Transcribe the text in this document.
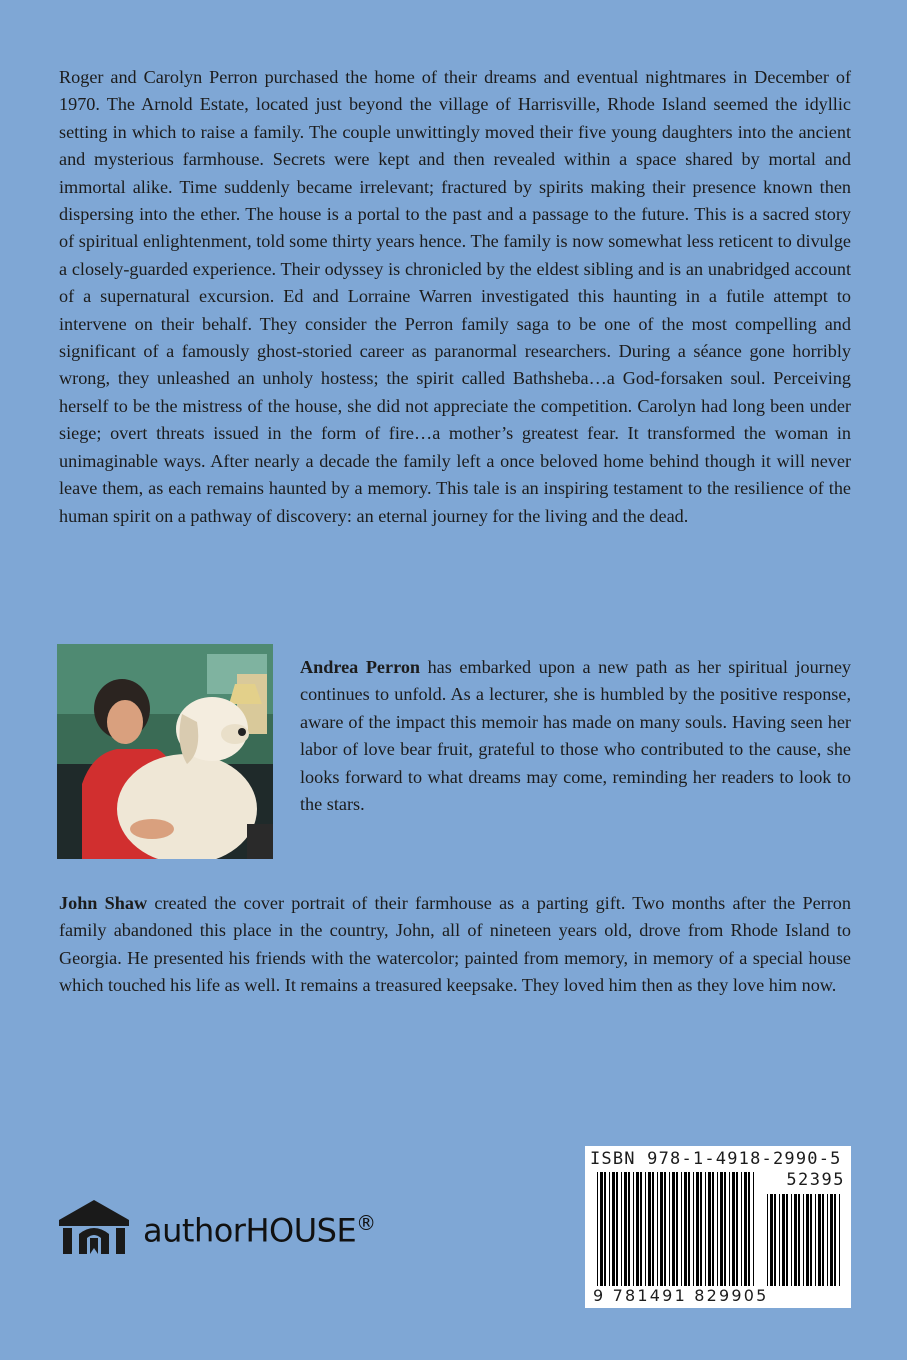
Roger and Carolyn Perron purchased the home of their dreams and eventual nightmares in December of 1970. The Arnold Estate, located just beyond the village of Harrisville, Rhode Island seemed the idyllic setting in which to raise a family. The couple unwittingly moved their five young daughters into the ancient and mysterious farmhouse. Secrets were kept and then revealed within a space shared by mortal and immortal alike. Time suddenly became irrelevant; fractured by spirits making their presence known then dispersing into the ether. The house is a portal to the past and a passage to the future. This is a sacred story of spiritual enlightenment, told some thirty years hence. The family is now somewhat less reticent to divulge a closely-guarded experience. Their odyssey is chronicled by the eldest sibling and is an unabridged account of a supernatural excursion. Ed and Lorraine Warren investigated this haunting in a futile attempt to intervene on their behalf. They consider the Perron family saga to be one of the most compelling and significant of a famously ghost-storied career as paranormal researchers. During a séance gone horribly wrong, they unleashed an unholy hostess; the spirit called Bathsheba…a God-forsaken soul. Perceiving herself to be the mistress of the house, she did not appreciate the competition. Carolyn had long been under siege; overt threats issued in the form of fire…a mother’s greatest fear. It transformed the woman in unimaginable ways. After nearly a decade the family left a once beloved home behind though it will never leave them, as each remains haunted by a memory. This tale is an inspiring testament to the resilience of the human spirit on a pathway of discovery: an eternal journey for the living and the dead.

Andrea Perron has embarked upon a new path as her spiritual journey continues to unfold. As a lecturer, she is humbled by the positive response, aware of the impact this memoir has made on many souls. Having seen her labor of love bear fruit, grateful to those who contributed to the cause, she looks forward to what dreams may come, reminding her readers to look to the stars.

John Shaw created the cover portrait of their farmhouse as a parting gift. Two months after the Perron family abandoned this place in the country, John, all of nineteen years old, drove from Rhode Island to Georgia. He presented his friends with the watercolor; painted from memory, in memory of a special house which touched his life as well. It remains a treasured keepsake. They loved him then as they love him now.

authorHOUSE®
ISBN 978-1-4918-2990-5
52395
9 781491 829905
